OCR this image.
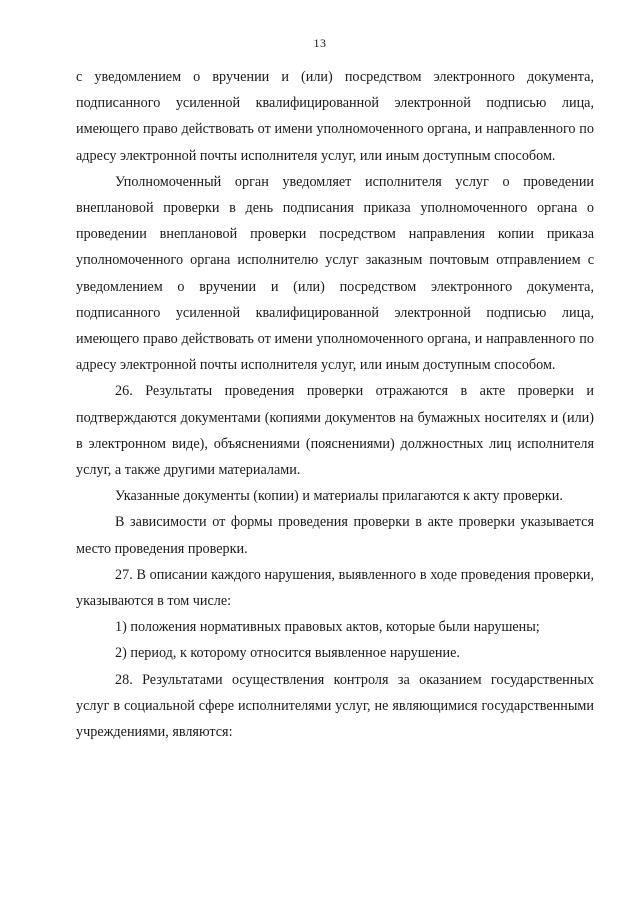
13

с уведомлением о вручении и (или) посредством электронного документа, подписанного усиленной квалифицированной электронной подписью лица, имеющего право действовать от имени уполномоченного органа, и направленного по адресу электронной почты исполнителя услуг, или иным доступным способом.

Уполномоченный орган уведомляет исполнителя услуг о проведении внеплановой проверки в день подписания приказа уполномоченного органа о проведении внеплановой проверки посредством направления копии приказа уполномоченного органа исполнителю услуг заказным почтовым отправлением с уведомлением о вручении и (или) посредством электронного документа, подписанного усиленной квалифицированной электронной подписью лица, имеющего право действовать от имени уполномоченного органа, и направленного по адресу электронной почты исполнителя услуг, или иным доступным способом.

26. Результаты проведения проверки отражаются в акте проверки и подтверждаются документами (копиями документов на бумажных носителях и (или) в электронном виде), объяснениями (пояснениями) должностных лиц исполнителя услуг, а также другими материалами.

Указанные документы (копии) и материалы прилагаются к акту проверки.

В зависимости от формы проведения проверки в акте проверки указывается место проведения проверки.

27. В описании каждого нарушения, выявленного в ходе проведения проверки, указываются в том числе:

1) положения нормативных правовых актов, которые были нарушены;

2) период, к которому относится выявленное нарушение.

28. Результатами осуществления контроля за оказанием государственных услуг в социальной сфере исполнителями услуг, не являющимися государственными учреждениями, являются:
